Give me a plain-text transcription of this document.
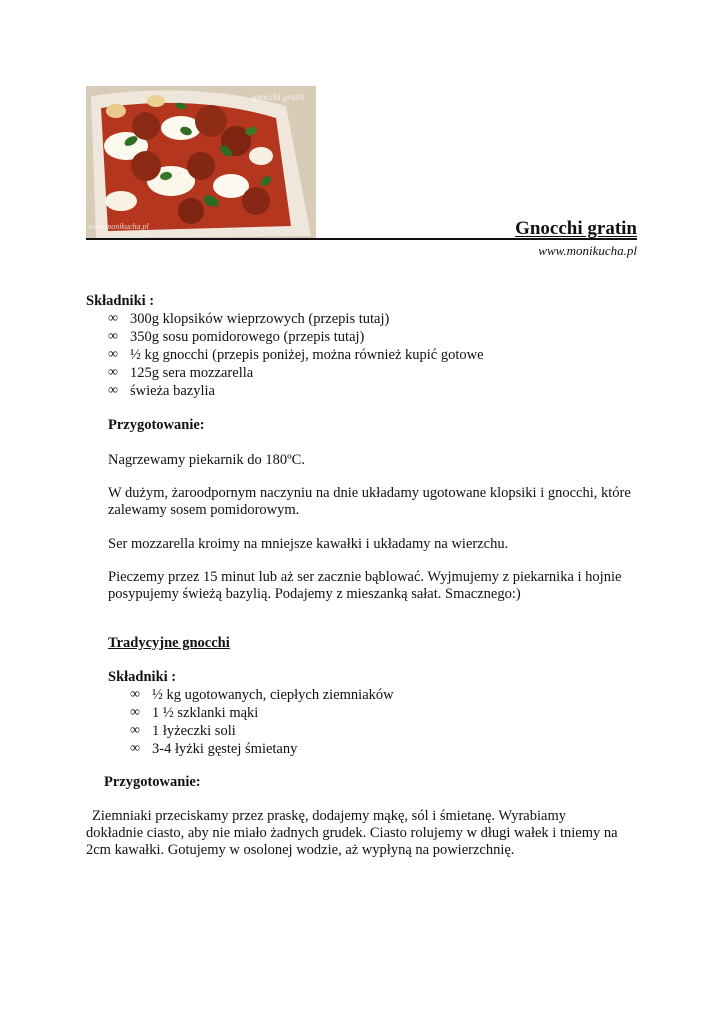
gnocchi gratin
www.monikucha.pl	Gnocchi gratin
www.monikucha.pl
Składniki :
∞ 300g klopsików wieprzowych (przepis tutaj)
∞ 350g sosu pomidorowego (przepis tutaj)
∞ ½ kg gnocchi (przepis poniżej, można również kupić gotowe
∞ 125g sera mozzarella
∞ świeża bazylia
Przygotowanie:
Nagrzewamy piekarnik do 180ºC.
W dużym, żaroodpornym naczyniu na dnie układamy ugotowane klopsiki i gnocchi, które
zalewamy sosem pomidorowym.
Ser mozzarella kroimy na mniejsze kawałki i układamy na wierzchu.
Pieczemy przez 15 minut lub aż ser zacznie bąblować. Wyjmujemy z piekarnika i hojnie
posypujemy świeżą bazylią. Podajemy z mieszanką sałat. Smacznego:)
Tradycyjne gnocchi
Składniki :
∞ ½ kg ugotowanych, ciepłych ziemniaków
∞ 1 ½ szklanki mąki
∞ 1 łyżeczki soli
∞ 3-4 łyżki gęstej śmietany
Przygotowanie:
Ziemniaki przeciskamy przez praskę, dodajemy mąkę, sól i śmietanę. Wyrabiamy
dokładnie ciasto, aby nie miało żadnych grudek. Ciasto rolujemy w długi wałek i tniemy na
2cm kawałki. Gotujemy w osolonej wodzie, aż wypłyną na powierzchnię.
